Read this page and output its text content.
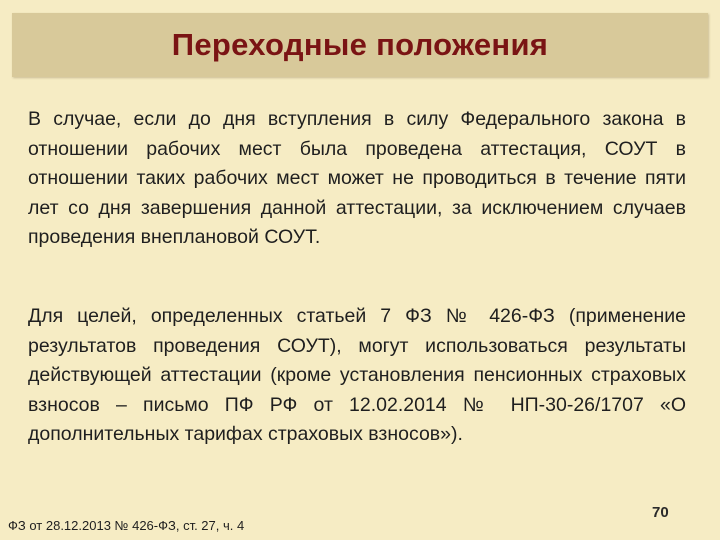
Переходные положения

В случае, если до дня вступления в силу Федерального закона в отношении рабочих мест была проведена аттестация, СОУТ в отношении таких рабочих мест может не проводиться в течение пяти лет со дня завершения данной аттестации, за исключением случаев проведения внеплановой СОУТ.

Для целей, определенных статьей 7 ФЗ № 426-ФЗ (применение результатов проведения СОУТ), могут использоваться результаты действующей аттестации (кроме установления пенсионных страховых взносов – письмо ПФ РФ от 12.02.2014 № НП-30-26/1707 «О дополнительных тарифах страховых взносов»).

ФЗ от 28.12.2013 № 426-ФЗ, ст. 27, ч. 4
70
